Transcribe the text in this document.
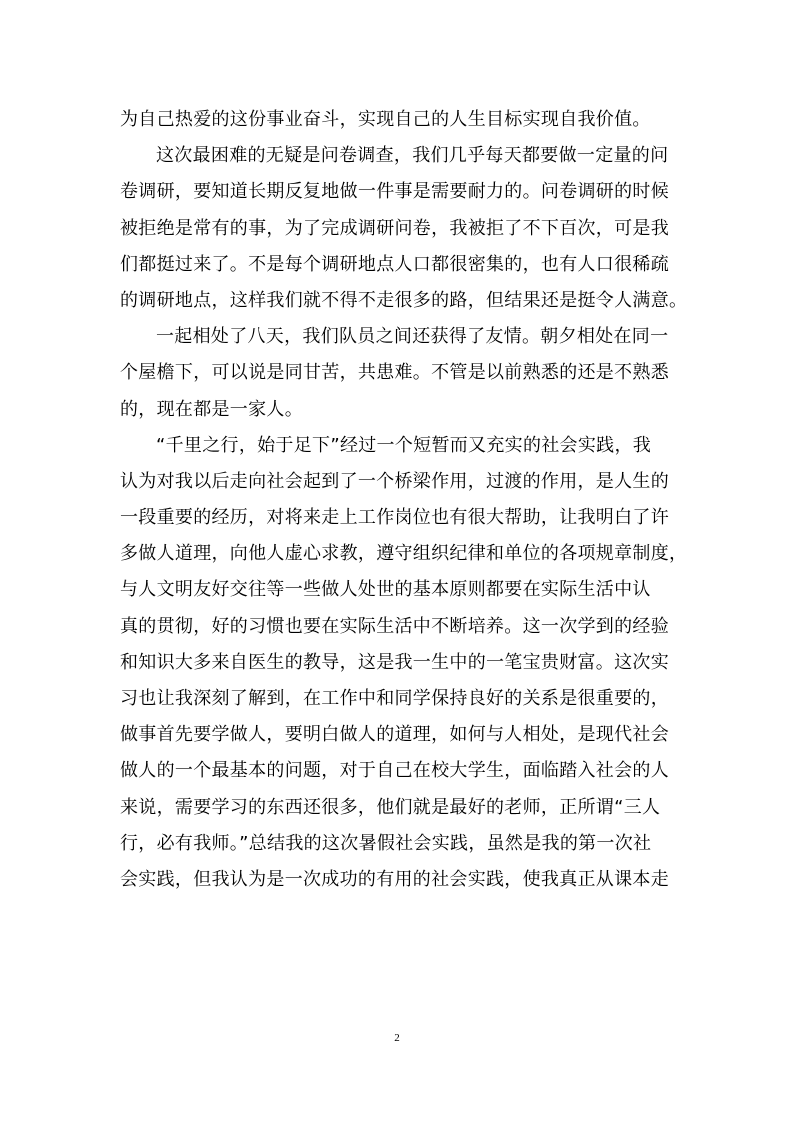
为自己热爱的这份事业奋斗，实现自己的人生目标实现自我价值。
这次最困难的无疑是问卷调查，我们几乎每天都要做一定量的问
卷调研，要知道长期反复地做一件事是需要耐力的。问卷调研的时候
被拒绝是常有的事，为了完成调研问卷，我被拒了不下百次，可是我
们都挺过来了。不是每个调研地点人口都很密集的，也有人口很稀疏
的调研地点，这样我们就不得不走很多的路，但结果还是挺令人满意。
一起相处了八天，我们队员之间还获得了友情。朝夕相处在同一
个屋檐下，可以说是同甘苦，共患难。不管是以前熟悉的还是不熟悉
的，现在都是一家人。
“千里之行，始于足下”经过一个短暂而又充实的社会实践，我
认为对我以后走向社会起到了一个桥梁作用，过渡的作用，是人生的
一段重要的经历，对将来走上工作岗位也有很大帮助，让我明白了许
多做人道理，向他人虚心求教，遵守组织纪律和单位的各项规章制度，
与人文明友好交往等一些做人处世的基本原则都要在实际生活中认
真的贯彻，好的习惯也要在实际生活中不断培养。这一次学到的经验
和知识大多来自医生的教导，这是我一生中的一笔宝贵财富。这次实
习也让我深刻了解到，在工作中和同学保持良好的关系是很重要的，
做事首先要学做人，要明白做人的道理，如何与人相处，是现代社会
做人的一个最基本的问题，对于自己在校大学生，面临踏入社会的人
来说，需要学习的东西还很多，他们就是最好的老师，正所谓“三人
行，必有我师。”总结我的这次暑假社会实践，虽然是我的第一次社
会实践，但我认为是一次成功的有用的社会实践，使我真正从课本走
2
